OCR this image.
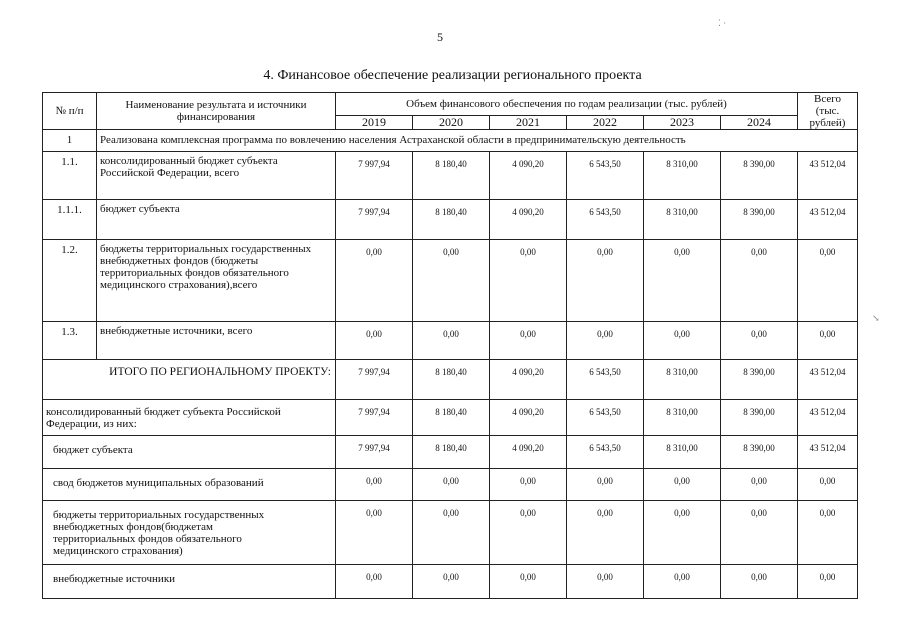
5
4. Финансовое обеспечение реализации регионального проекта
№ п/п	Наименование результата и источники финансирования	Объем финансового обеспечения по годам реализации (тыс. рублей)						Всего (тыс. рублей)
		2019	2020	2021	2022	2023	2024	
1	Реализована комплексная программа по вовлечению населения Астраханской области в предпринимательскую деятельность							
1.1.	консолидированный бюджет субъекта Российской Федерации, всего	7 997,94	8 180,40	4 090,20	6 543,50	8 310,00	8 390,00	43 512,04
1.1.1.	бюджет субъекта	7 997,94	8 180,40	4 090,20	6 543,50	8 310,00	8 390,00	43 512,04
1.2.	бюджеты территориальных государственных внебюджетных фондов (бюджеты территориальных фондов обязательного медицинского страхования),всего	0,00	0,00	0,00	0,00	0,00	0,00	0,00
1.3.	внебюджетные источники, всего	0,00	0,00	0,00	0,00	0,00	0,00	0,00
ИТОГО ПО РЕГИОНАЛЬНОМУ ПРОЕКТУ:		7 997,94	8 180,40	4 090,20	6 543,50	8 310,00	8 390,00	43 512,04
консолидированный бюджет субъекта Российской Федерации, из них:		7 997,94	8 180,40	4 090,20	6 543,50	8 310,00	8 390,00	43 512,04
бюджет субъекта		7 997,94	8 180,40	4 090,20	6 543,50	8 310,00	8 390,00	43 512,04
свод бюджетов муниципальных образований		0,00	0,00	0,00	0,00	0,00	0,00	0,00
бюджеты территориальных государственных внебюджетных фондов(бюджетам территориальных фондов обязательного медицинского страхования)		0,00	0,00	0,00	0,00	0,00	0,00	0,00
внебюджетные источники		0,00	0,00	0,00	0,00	0,00	0,00	0,00
⁚ ·
↘
